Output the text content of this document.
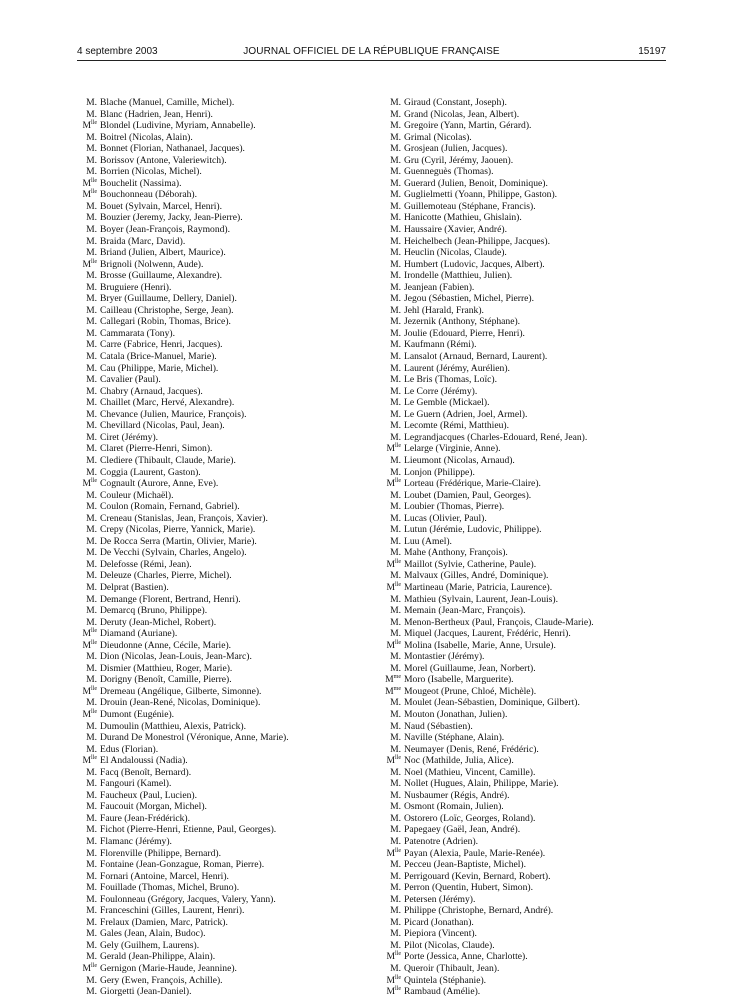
4 septembre 2003	JOURNAL OFFICIEL DE LA RÉPUBLIQUE FRANÇAISE	15197
M. Blache (Manuel, Camille, Michel).
M. Blanc (Hadrien, Jean, Henri).
$M^{lle}$ Blondel (Ludivine, Myriam, Annabelle).
M. Boitrel (Nicolas, Alain).
M. Bonnet (Florian, Nathanael, Jacques).
M. Borissov (Antone, Valeriewitch).
M. Borrien (Nicolas, Michel).
$M^{lle}$ Bouchelit (Nassima).
$M^{lle}$ Bouchonneau (Déborah).
M. Bouet (Sylvain, Marcel, Henri).
M. Bouzier (Jeremy, Jacky, Jean-Pierre).
M. Boyer (Jean-François, Raymond).
M. Braida (Marc, David).
M. Briand (Julien, Albert, Maurice).
$M^{lle}$ Brignoli (Nolwenn, Aude).
M. Brosse (Guillaume, Alexandre).
M. Bruguiere (Henri).
M. Bryer (Guillaume, Dellery, Daniel).
M. Cailleau (Christophe, Serge, Jean).
M. Callegari (Robin, Thomas, Brice).
M. Cammarata (Tony).
M. Carre (Fabrice, Henri, Jacques).
M. Catala (Brice-Manuel, Marie).
M. Cau (Philippe, Marie, Michel).
M. Cavalier (Paul).
M. Chabry (Arnaud, Jacques).
M. Chaillet (Marc, Hervé, Alexandre).
M. Chevance (Julien, Maurice, François).
M. Chevillard (Nicolas, Paul, Jean).
M. Ciret (Jérémy).
M. Claret (Pierre-Henri, Simon).
M. Clediere (Thibault, Claude, Marie).
M. Coggia (Laurent, Gaston).
$M^{lle}$ Cognault (Aurore, Anne, Eve).
M. Couleur (Michaël).
M. Coulon (Romain, Fernand, Gabriel).
M. Creneau (Stanislas, Jean, François, Xavier).
M. Crepy (Nicolas, Pierre, Yannick, Marie).
M. De Rocca Serra (Martin, Olivier, Marie).
M. De Vecchi (Sylvain, Charles, Angelo).
M. Delefosse (Rémi, Jean).
M. Deleuze (Charles, Pierre, Michel).
M. Delprat (Bastien).
M. Demange (Florent, Bertrand, Henri).
M. Demarcq (Bruno, Philippe).
M. Deruty (Jean-Michel, Robert).
$M^{lle}$ Diamand (Auriane).
$M^{lle}$ Dieudonne (Anne, Cécile, Marie).
M. Dion (Nicolas, Jean-Louis, Jean-Marc).
M. Dismier (Matthieu, Roger, Marie).
M. Dorigny (Benoît, Camille, Pierre).
$M^{lle}$ Dremeau (Angélique, Gilberte, Simonne).
M. Drouin (Jean-René, Nicolas, Dominique).
$M^{lle}$ Dumont (Eugénie).
M. Dumoulin (Matthieu, Alexis, Patrick).
M. Durand De Monestrol (Véronique, Anne, Marie).
M. Edus (Florian).
$M^{lle}$ El Andaloussi (Nadia).
M. Facq (Benoît, Bernard).
M. Fangouri (Kamel).
M. Faucheux (Paul, Lucien).
M. Faucouit (Morgan, Michel).
M. Faure (Jean-Frédérick).
M. Fichot (Pierre-Henri, Etienne, Paul, Georges).
M. Flamanc (Jérémy).
M. Florenville (Philippe, Bernard).
M. Fontaine (Jean-Gonzague, Roman, Pierre).
M. Fornari (Antoine, Marcel, Henri).
M. Fouillade (Thomas, Michel, Bruno).
M. Foulonneau (Grégory, Jacques, Valery, Yann).
M. Franceschini (Gilles, Laurent, Henri).
M. Frelaux (Damien, Marc, Patrick).
M. Gales (Jean, Alain, Budoc).
M. Gely (Guilhem, Laurens).
M. Gerald (Jean-Philippe, Alain).
$M^{lle}$ Gernigon (Marie-Haude, Jeannine).
M. Gery (Ewen, François, Achille).
M. Giorgetti (Jean-Daniel).
M. Giraud (Constant, Joseph).
M. Grand (Nicolas, Jean, Albert).
M. Gregoire (Yann, Martin, Gérard).
M. Grimal (Nicolas).
M. Grosjean (Julien, Jacques).
M. Gru (Cyril, Jérémy, Jaouen).
M. Guenneguès (Thomas).
M. Guerard (Julien, Benoit, Dominique).
M. Guglielmetti (Yoann, Philippe, Gaston).
M. Guillemoteau (Stéphane, Francis).
M. Hanicotte (Mathieu, Ghislain).
M. Haussaire (Xavier, André).
M. Heichelbech (Jean-Philippe, Jacques).
M. Heuclin (Nicolas, Claude).
M. Humbert (Ludovic, Jacques, Albert).
M. Irondelle (Matthieu, Julien).
M. Jeanjean (Fabien).
M. Jegou (Sébastien, Michel, Pierre).
M. Jehl (Harald, Frank).
M. Jezernik (Anthony, Stéphane).
M. Joulie (Edouard, Pierre, Henri).
M. Kaufmann (Rémi).
M. Lansalot (Arnaud, Bernard, Laurent).
M. Laurent (Jérémy, Aurélien).
M. Le Bris (Thomas, Loïc).
M. Le Corre (Jérémy).
M. Le Gemble (Mickael).
M. Le Guern (Adrien, Joel, Armel).
M. Lecomte (Rémi, Matthieu).
M. Legrandjacques (Charles-Edouard, René, Jean).
$M^{lle}$ Lelarge (Virginie, Anne).
M. Lieumont (Nicolas, Arnaud).
M. Lonjon (Philippe).
$M^{lle}$ Lorteau (Frédérique, Marie-Claire).
M. Loubet (Damien, Paul, Georges).
M. Loubier (Thomas, Pierre).
M. Lucas (Olivier, Paul).
M. Lutun (Jérémie, Ludovic, Philippe).
M. Luu (Amel).
M. Mahe (Anthony, François).
$M^{lle}$ Maillot (Sylvie, Catherine, Paule).
M. Malvaux (Gilles, André, Dominique).
$M^{lle}$ Martineau (Marie, Patricia, Laurence).
M. Mathieu (Sylvain, Laurent, Jean-Louis).
M. Memain (Jean-Marc, François).
M. Menon-Bertheux (Paul, François, Claude-Marie).
M. Miquel (Jacques, Laurent, Frédéric, Henri).
$M^{lle}$ Molina (Isabelle, Marie, Anne, Ursule).
M. Montastier (Jérémy).
M. Morel (Guillaume, Jean, Norbert).
$M^{me}$ Moro (Isabelle, Marguerite).
$M^{me}$ Mougeot (Prune, Chloé, Michèle).
M. Moulet (Jean-Sébastien, Dominique, Gilbert).
M. Mouton (Jonathan, Julien).
M. Naud (Sébastien).
M. Naville (Stéphane, Alain).
M. Neumayer (Denis, René, Frédéric).
$M^{lle}$ Noc (Mathilde, Julia, Alice).
M. Noel (Mathieu, Vincent, Camille).
M. Nollet (Hugues, Alain, Philippe, Marie).
M. Nusbaumer (Régis, André).
M. Osmont (Romain, Julien).
M. Ostorero (Loïc, Georges, Roland).
M. Papegaey (Gaël, Jean, André).
M. Patenotre (Adrien).
$M^{lle}$ Payan (Alexia, Paule, Marie-Renée).
M. Pecceu (Jean-Baptiste, Michel).
M. Perrigouard (Kevin, Bernard, Robert).
M. Perron (Quentin, Hubert, Simon).
M. Petersen (Jérémy).
M. Philippe (Christophe, Bernard, André).
M. Picard (Jonathan).
M. Piepiora (Vincent).
M. Pilot (Nicolas, Claude).
$M^{lle}$ Porte (Jessica, Anne, Charlotte).
M. Queroir (Thibault, Jean).
$M^{lle}$ Quintela (Stéphanie).
$M^{lle}$ Rambaud (Amélie).
